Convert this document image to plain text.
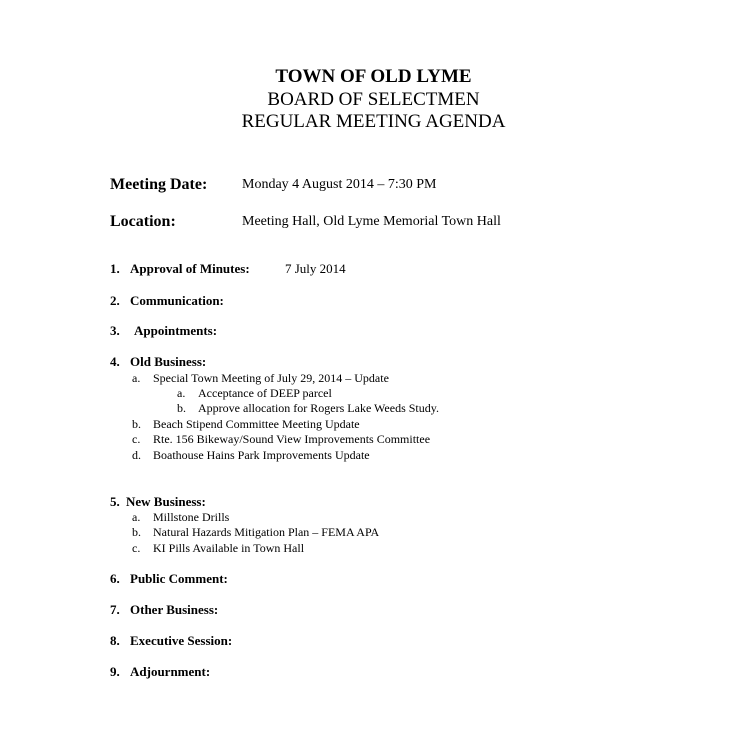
TOWN OF OLD LYME
BOARD OF SELECTMEN
REGULAR MEETING AGENDA
Meeting Date: Monday 4 August 2014 – 7:30 PM
Location:	Meeting Hall, Old Lyme Memorial Town Hall
1. Approval of Minutes:	7 July 2014
2. Communication:
3. Appointments:
4. Old Business:
a. Special Town Meeting of July 29, 2014 – Update
a. Acceptance of DEEP parcel
b. Approve allocation for Rogers Lake Weeds Study.
b. Beach Stipend Committee Meeting Update
c. Rte. 156 Bikeway/Sound View Improvements Committee
d. Boathouse Hains Park Improvements Update
5. New Business:
a. Millstone Drills
b. Natural Hazards Mitigation Plan – FEMA APA
c. KI Pills Available in Town Hall
6. Public Comment:
7. Other Business:
8. Executive Session:
9. Adjournment:
